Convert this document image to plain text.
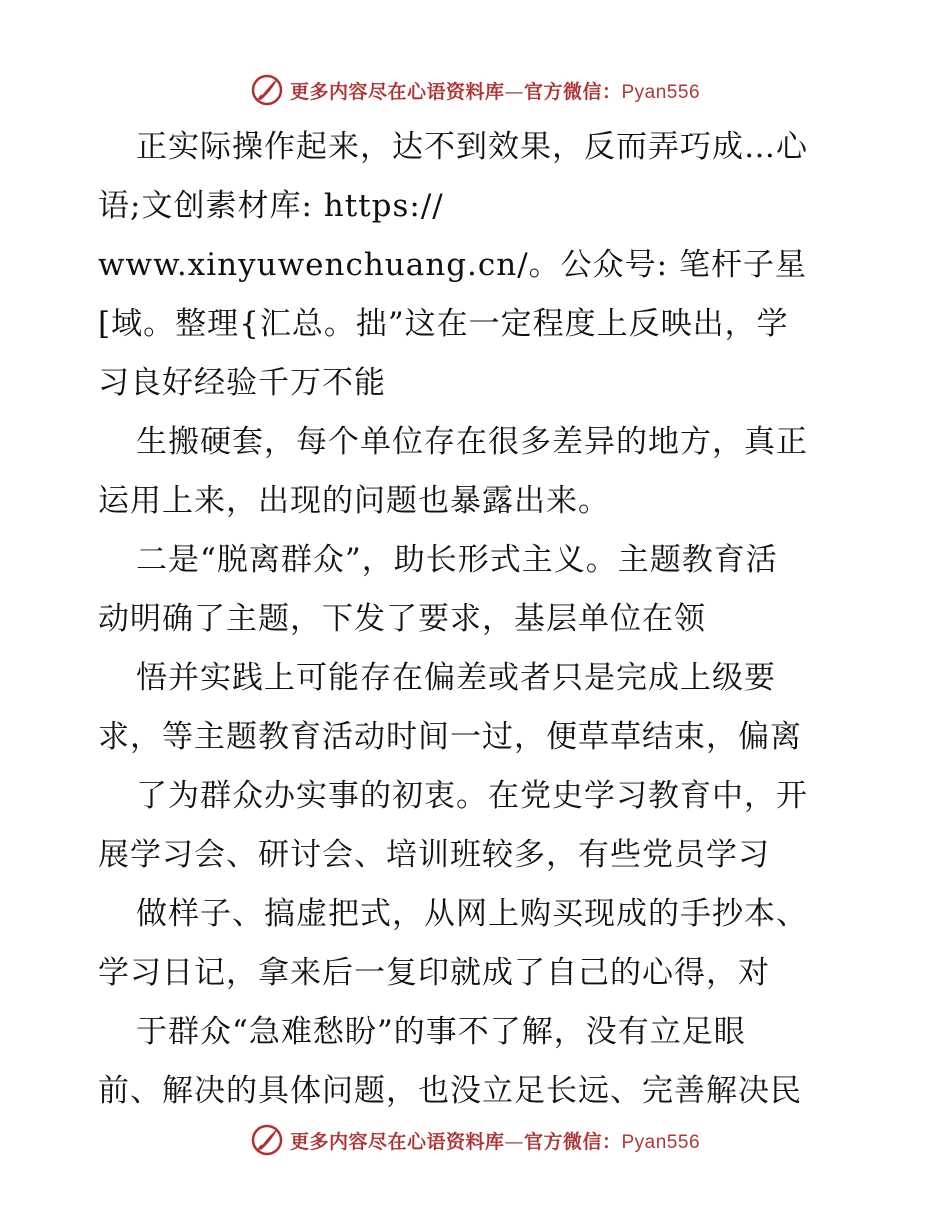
更多内容尽在心语资料库—官方微信：Pyan556
正实际操作起来，达不到效果，反而弄巧成…心
语;文创素材库: https://
www.xinyuwenchuang.cn/。公众号: 笔杆子星
[域。整理{汇总。拙”这在一定程度上反映出，学
习良好经验千万不能
生搬硬套，每个单位存在很多差异的地方，真正
运用上来，出现的问题也暴露出来。
二是“脱离群众”，助长形式主义。主题教育活
动明确了主题，下发了要求，基层单位在领
悟并实践上可能存在偏差或者只是完成上级要
求，等主题教育活动时间一过，便草草结束，偏离
了为群众办实事的初衷。在党史学习教育中，开
展学习会、研讨会、培训班较多，有些党员学习
做样子、搞虚把式，从网上购买现成的手抄本、
学习日记，拿来后一复印就成了自己的心得，对
于群众“急难愁盼”的事不了解，没有立足眼
前、解决的具体问题，也没立足长远、完善解决民
更多内容尽在心语资料库—官方微信：Pyan556
